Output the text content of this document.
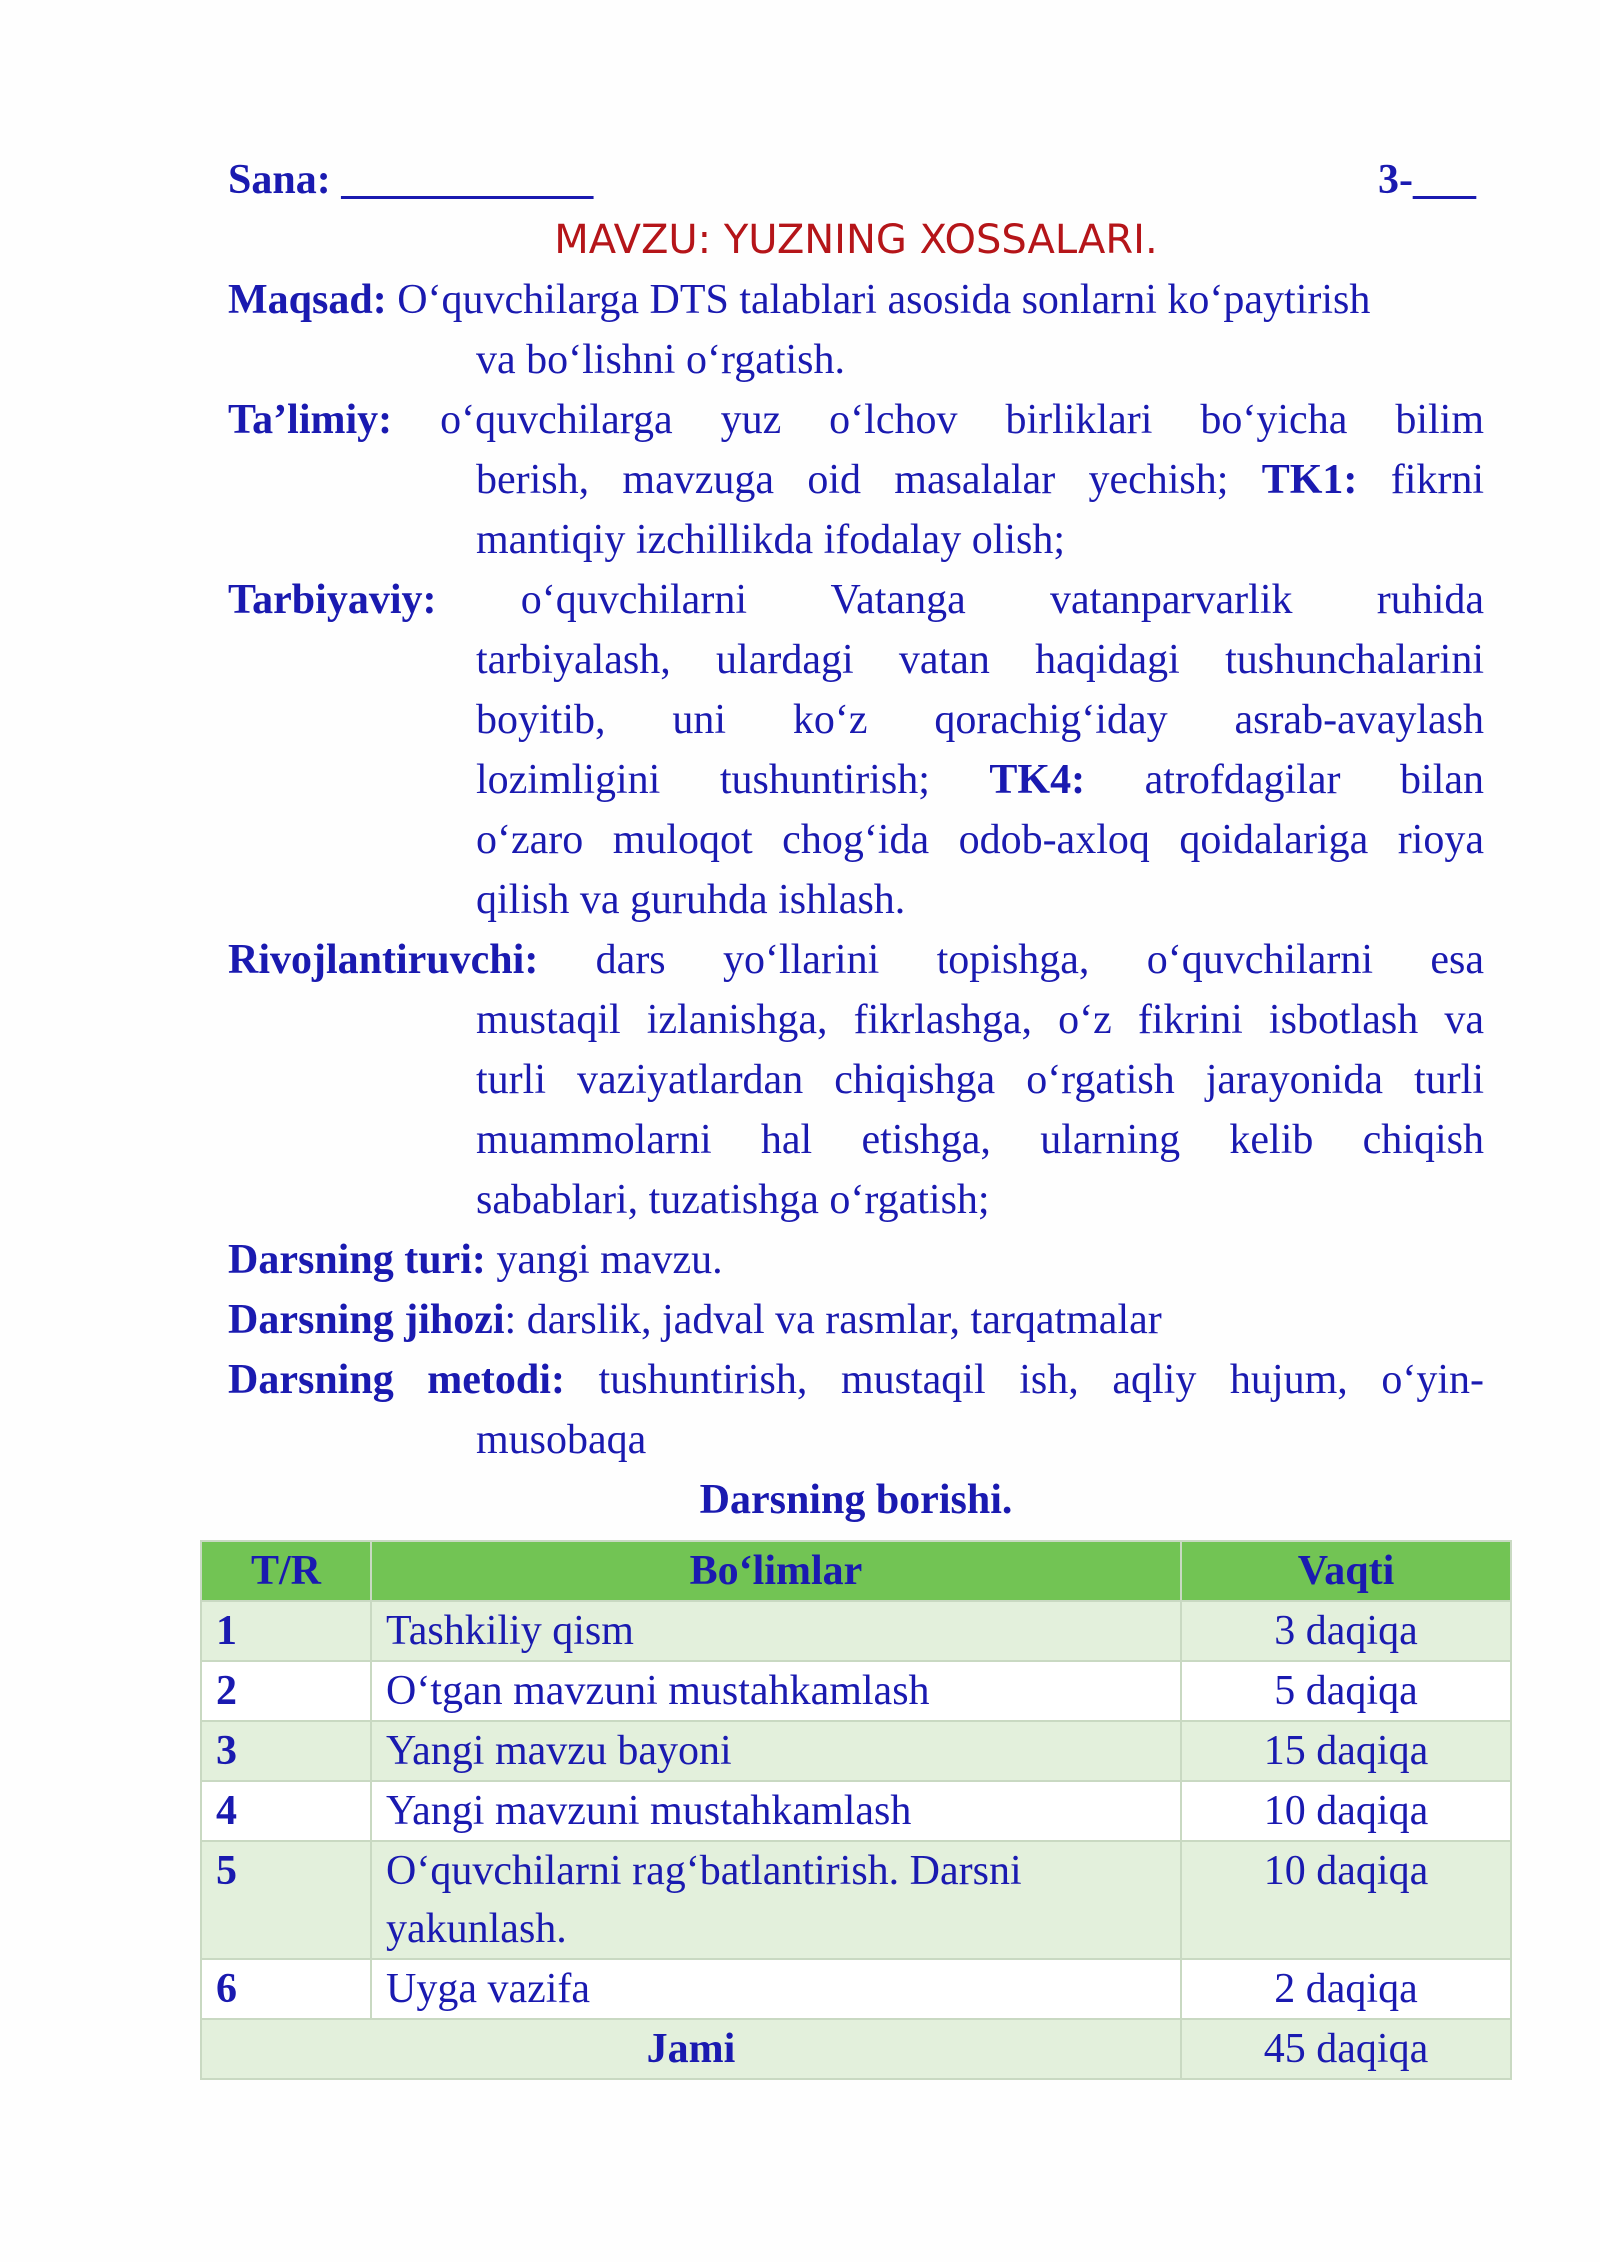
Sana: ____________	3-___
MAVZU: YUZNING XOSSALARI.
Maqsad: O‘quvchilarga DTS talablari asosida sonlarni ko‘paytirish
va bo‘lishni o‘rgatish.
Ta’limiy: o‘quvchilarga yuz o‘lchov birliklari bo‘yicha bilim
berish, mavzuga oid masalalar yechish; TK1: fikrni
mantiqiy izchillikda ifodalay olish;
Tarbiyaviy: o‘quvchilarni Vatanga vatanparvarlik ruhida
tarbiyalash, ulardagi vatan haqidagi tushunchalarini
boyitib, uni ko‘z qorachig‘iday asrab-avaylash
lozimligini tushuntirish; TK4: atrofdagilar bilan
o‘zaro muloqot chog‘ida odob-axloq qoidalariga rioya
qilish va guruhda ishlash.
Rivojlantiruvchi: dars yo‘llarini topishga, o‘quvchilarni esa
mustaqil izlanishga, fikrlashga, o‘z fikrini isbotlash va
turli vaziyatlardan chiqishga o‘rgatish jarayonida turli
muammolarni hal etishga, ularning kelib chiqish
sabablari, tuzatishga o‘rgatish;
Darsning turi: yangi mavzu.
Darsning jihozi: darslik, jadval va rasmlar, tarqatmalar
Darsning metodi: tushuntirish, mustaqil ish, aqliy hujum, o‘yin-
musobaqa
Darsning borishi.
T/R	Bo‘limlar	Vaqti
1	Tashkiliy qism	3 daqiqa
2	O‘tgan mavzuni mustahkamlash	5 daqiqa
3	Yangi mavzu bayoni	15 daqiqa
4	Yangi mavzuni mustahkamlash	10 daqiqa
5	O‘quvchilarni rag‘batlantirish. Darsni yakunlash.	10 daqiqa
6	Uyga vazifa	2 daqiqa
Jami		45 daqiqa
